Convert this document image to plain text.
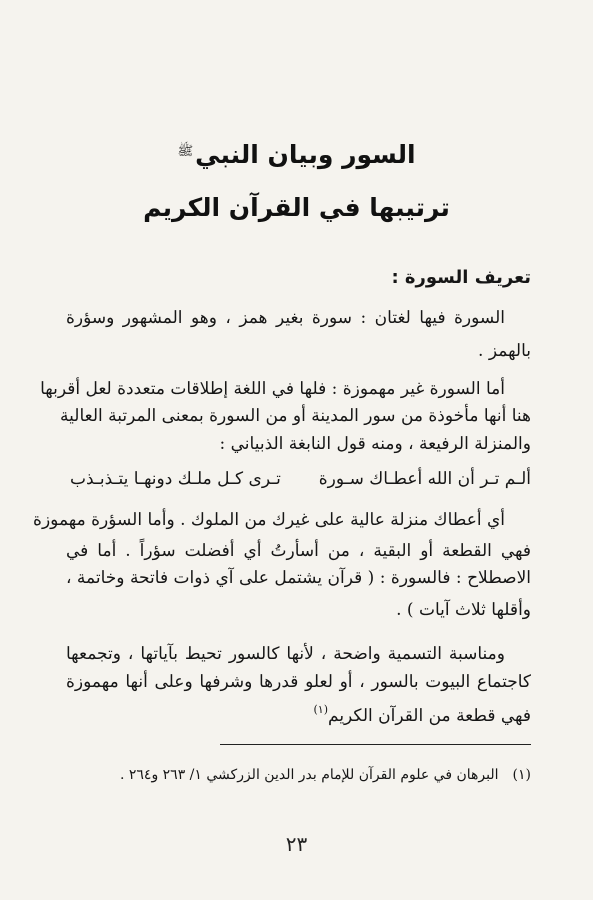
السور وبيان النبي$^ﷺ$
ترتيبها في القرآن الكريم
تعريف السورة :
السورة فيها لغتان : سورة بغير همز ، وهو المشهور وسؤرة
بالهمز .
أما السورة غير مهموزة : فلها في اللغة إطلاقات متعددة لعل أقربها
هنا أنها مأخوذة من سور المدينة أو من السورة بمعنى المرتبة العالية
والمنزلة الرفيعة ، ومنه قول النابغة الذبياني :
ألـم تـر أن الله أعطـاك سـورة
تـرى كـل ملـك دونهـا يتـذبـذب
أي أعطاك منزلة عالية على غيرك من الملوك . وأما السؤرة مهموزة
فهي القطعة أو البقية ، من أسأرتُ أي أفضلت سؤراً . أما في
الاصطلاح : فالسورة : ( قرآن يشتمل على آي ذوات فاتحة وخاتمة ،
وأقلها ثلاث آيات ) .
ومناسبة التسمية واضحة ، لأنها كالسور تحيط بآياتها ، وتجمعها
كاجتماع البيوت بالسور ، أو لعلو قدرها وشرفها وعلى أنها مهموزة
فهي قطعة من القرآن الكريم$^{(١)}$
(١)البرهان في علوم القرآن للإمام بدر الدين الزركشي ١/ ٢٦٣ و٢٦٤ .
٢٣
